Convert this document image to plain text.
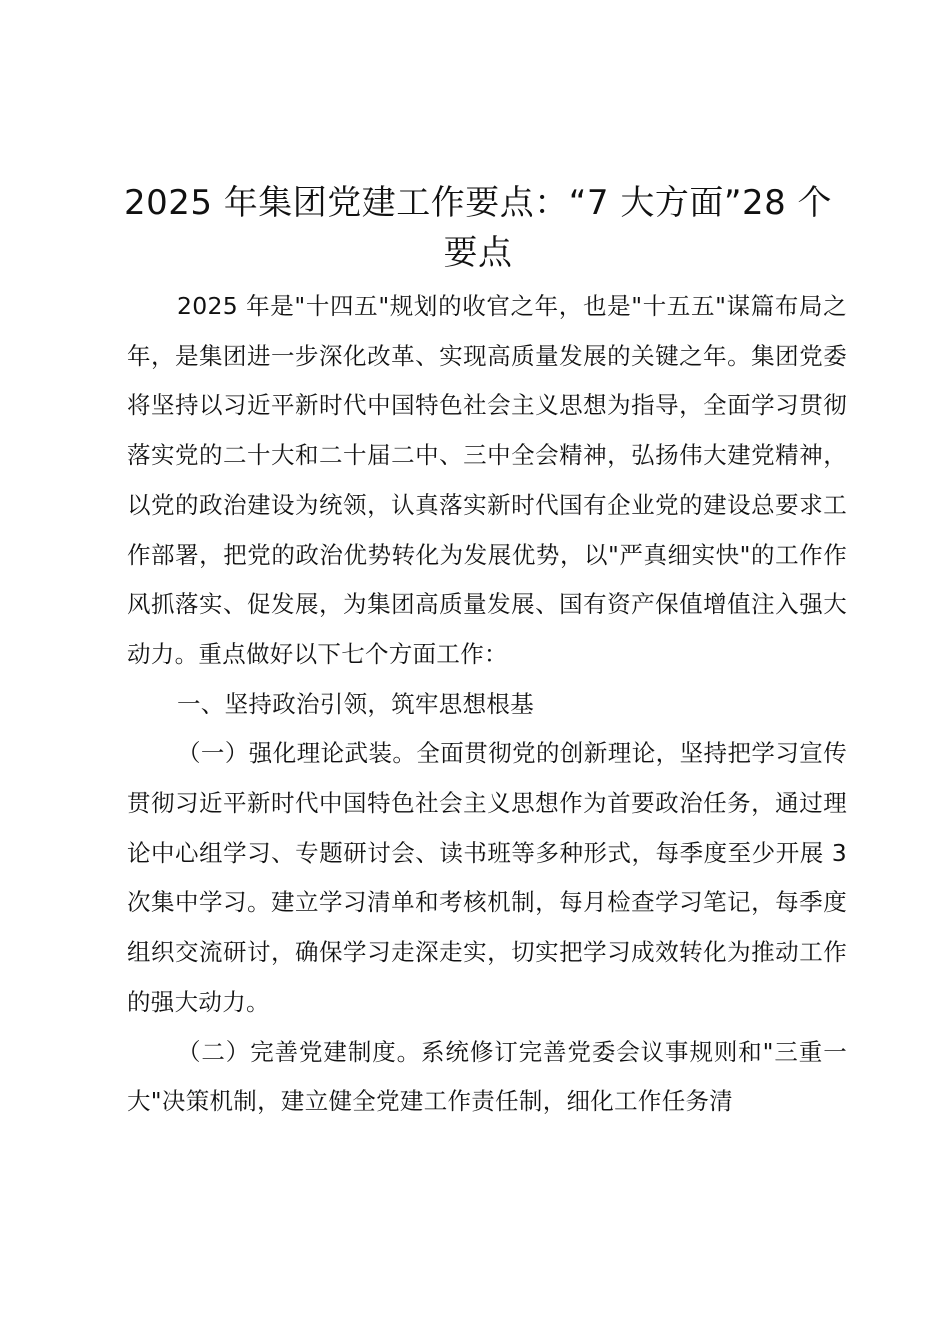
2025 年集团党建工作要点：“7 大方面”28 个要点

2025 年是"十四五"规划的收官之年，也是"十五五"谋篇布局之年，是集团进一步深化改革、实现高质量发展的关键之年。集团党委将坚持以习近平新时代中国特色社会主义思想为指导，全面学习贯彻落实党的二十大和二十届二中、三中全会精神，弘扬伟大建党精神，以党的政治建设为统领，认真落实新时代国有企业党的建设总要求工作部署，把党的政治优势转化为发展优势，以"严真细实快"的工作作风抓落实、促发展，为集团高质量发展、国有资产保值增值注入强大动力。重点做好以下七个方面工作：

一、坚持政治引领，筑牢思想根基

（一）强化理论武装。全面贯彻党的创新理论，坚持把学习宣传贯彻习近平新时代中国特色社会主义思想作为首要政治任务，通过理论中心组学习、专题研讨会、读书班等多种形式，每季度至少开展 3 次集中学习。建立学习清单和考核机制，每月检查学习笔记，每季度组织交流研讨，确保学习走深走实，切实把学习成效转化为推动工作的强大动力。

（二）完善党建制度。系统修订完善党委会议事规则和"三重一大"决策机制，建立健全党建工作责任制，细化工作任务清
